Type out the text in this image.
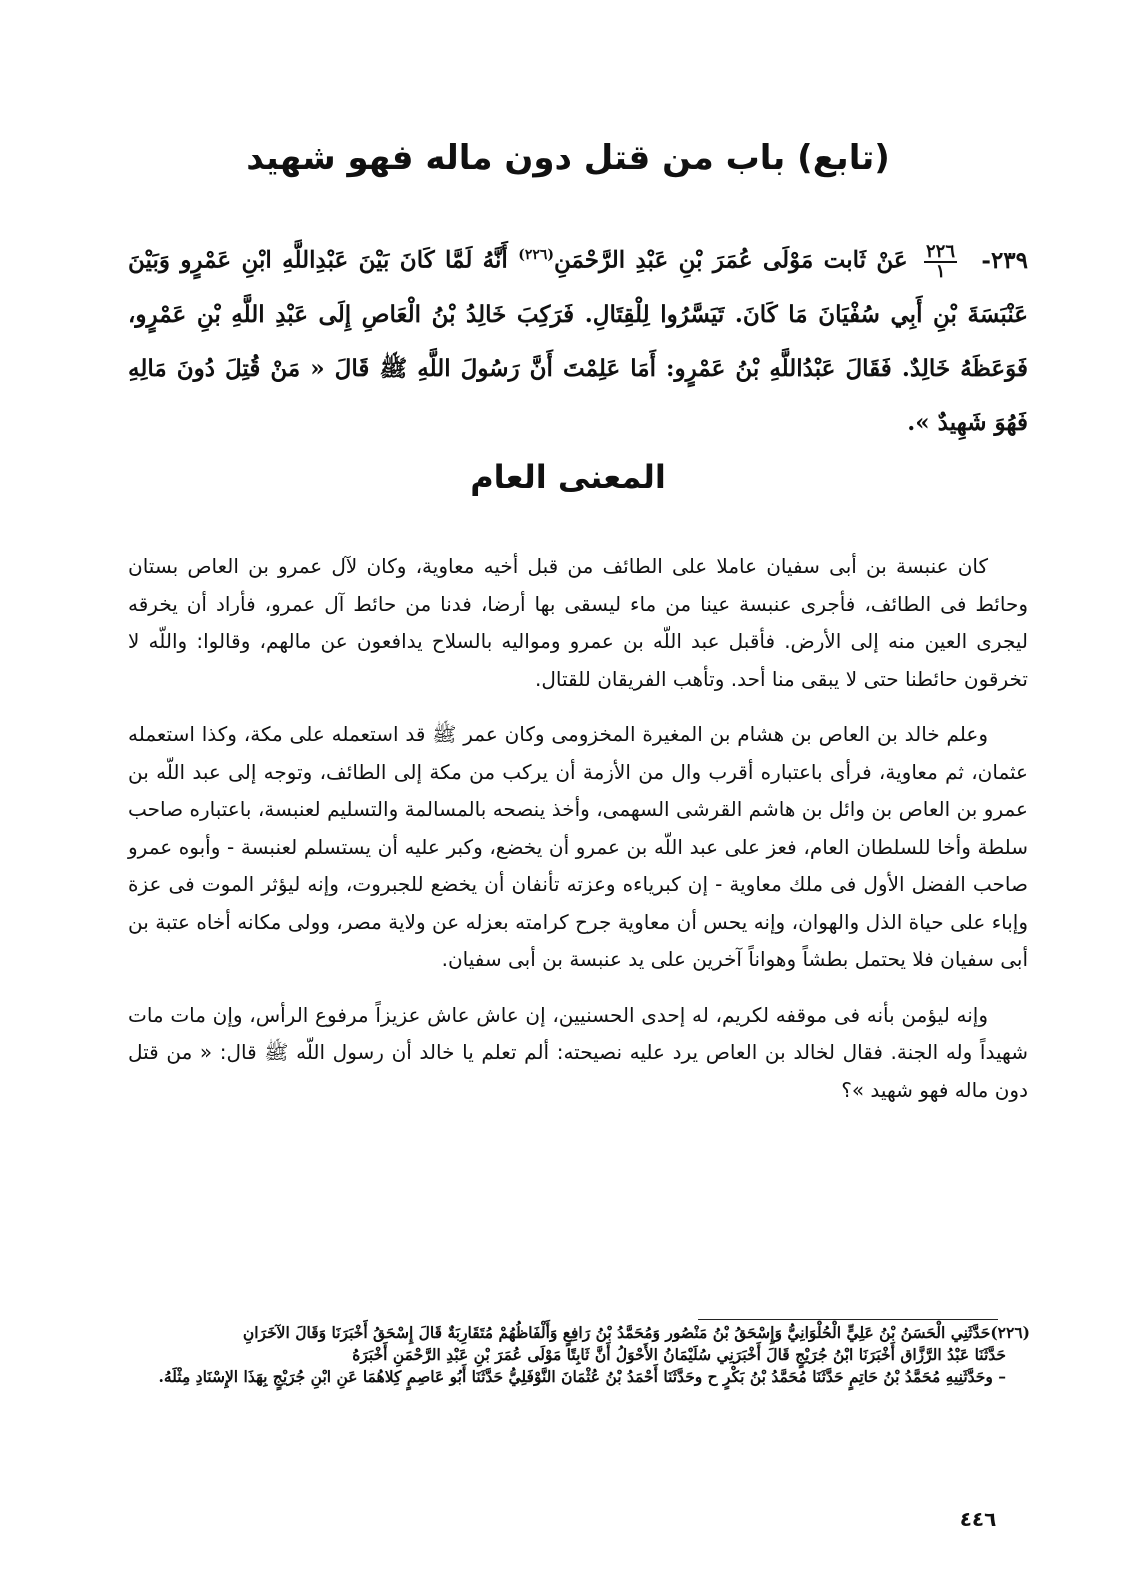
(تابع) باب من قتل دون ماله فهو شهيد
٢٣٩-
$\frac{٢٢٦}{١}$
عَنْ ثَابت مَوْلَى عُمَرَ بْنِ عَبْدِ الرَّحْمَنِ$^{(٢٢٦)}$ أَنَّهُ لَمَّا كَانَ بَيْنَ عَبْدِاللَّهِ ابْنِ عَمْرٍو وَبَيْنَ عَنْبَسَةَ بْنِ أَبِي سُفْيَانَ مَا كَانَ. تَيَسَّرُوا لِلْقِتَالِ. فَرَكِبَ خَالِدُ بْنُ الْعَاصِ إِلَى عَبْدِ اللَّهِ بْنِ عَمْرٍو، فَوَعَظَهُ خَالِدٌ. فَقَالَ عَبْدُاللَّهِ بْنُ عَمْرٍو: أَمَا عَلِمْتَ أَنَّ رَسُولَ اللَّهِ ﷺ قَالَ « مَنْ قُتِلَ دُونَ مَالِهِ فَهُوَ شَهِيدٌ ».
المعنى العام

كان عنبسة بن أبى سفيان عاملا على الطائف من قبل أخيه معاوية، وكان لآل عمرو بن العاص بستان وحائط فى الطائف، فأجرى عنبسة عينا من ماء ليسقى بها أرضا، فدنا من حائط آل عمرو، فأراد أن يخرقه ليجرى العين منه إلى الأرض. فأقبل عبد اللّه بن عمرو ومواليه بالسلاح يدافعون عن مالهم، وقالوا: واللّه لا تخرقون حائطنا حتى لا يبقى منا أحد. وتأهب الفريقان للقتال.

وعلم خالد بن العاص بن هشام بن المغيرة المخزومى وكان عمر ﷺ قد استعمله على مكة، وكذا استعمله عثمان، ثم معاوية، فرأى باعتباره أقرب وال من الأزمة أن يركب من مكة إلى الطائف، وتوجه إلى عبد اللّه بن عمرو بن العاص بن وائل بن هاشم القرشى السهمى، وأخذ ينصحه بالمسالمة والتسليم لعنبسة، باعتباره صاحب سلطة وأخا للسلطان العام، فعز على عبد اللّه بن عمرو أن يخضع، وكبر عليه أن يستسلم لعنبسة - وأبوه عمرو صاحب الفضل الأول فى ملك معاوية - إن كبرياءه وعزته تأنفان أن يخضع للجبروت، وإنه ليؤثر الموت فى عزة وإباء على حياة الذل والهوان، وإنه يحس أن معاوية جرح كرامته بعزله عن ولاية مصر، وولى مكانه أخاه عتبة بن أبى سفيان فلا يحتمل بطشاً وهواناً آخرين على يد عنبسة بن أبى سفيان.

وإنه ليؤمن بأنه فى موقفه لكريم، له إحدى الحسنيين، إن عاش عاش عزيزاً مرفوع الرأس، وإن مات مات شهيداً وله الجنة. فقال لخالد بن العاص يرد عليه نصيحته: ألم تعلم يا خالد أن رسول اللّه ﷺ قال: « من قتل دون ماله فهو شهيد »؟

(٢٢٦)حَدَّثَنِي الْحَسَنُ بْنُ عَلِيٍّ الْحُلْوَانِيُّ وَإِسْحَقُ بْنُ مَنْصُور وَمُحَمَّدُ بْنُ رَافِعٍ وَأَلْفَاظُهُمْ مُتَقَارِبَةٌ قَالَ إِسْحَقُ أَخْبَرَنَا وَقَالَ الآخَرَانِ

حَدَّثَنَا عَبْدُ الرَّزَّاق أَخْبَرَنَا ابْنُ جُرَيْجٍ قَالَ أَخْبَرَنِي سُلَيْمَانُ الأَحْوَلُ أَنَّ ثَابِتًا مَوْلَى عُمَرَ بْنِ عَبْدِ الرَّحْمَنِ أَخْبَرَهُ

– وحَدَّثَنِيهِ مُحَمَّدُ بْنُ حَاتِمٍ حَدَّثَنَا مُحَمَّدُ بْنُ بَكْرٍ ح وحَدَّثَنَا أَحْمَدُ بْنُ عُثْمَانَ النَّوْفَلِيُّ حَدَّثَنَا أَبُو عَاصِمٍ كِلاهُمَا عَنِ ابْنِ جُرَيْجٍ بِهَذَا الإِسْنَادِ مِثْلَهُ.

٤٤٦
